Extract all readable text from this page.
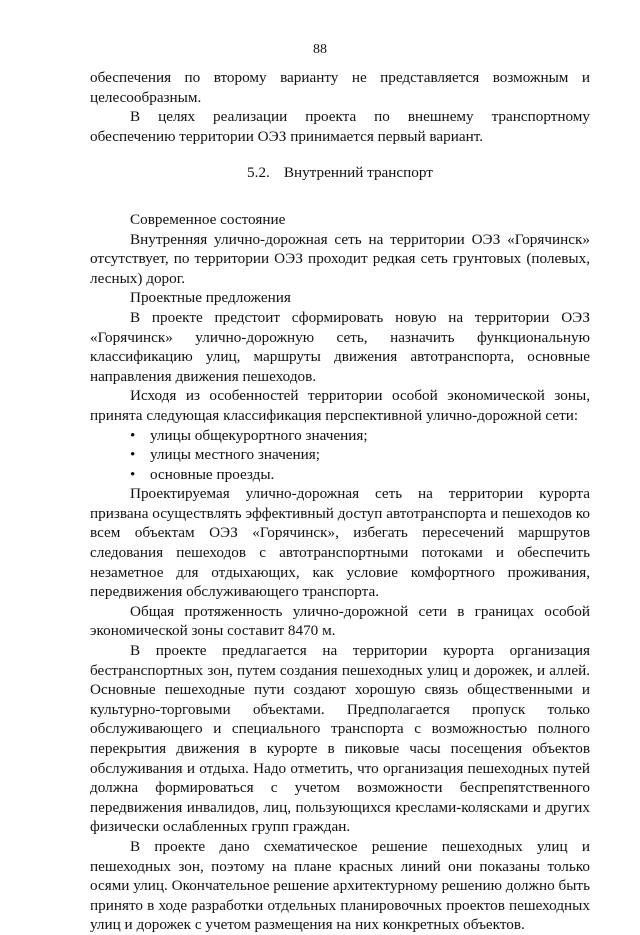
88

обеспечения по второму варианту не представляется возможным и целесообразным.

В целях реализации проекта по внешнему транспортному обеспечению территории ОЭЗ принимается первый вариант.

5.2. Внутренний транспорт

Современное состояние

Внутренняя улично-дорожная сеть на территории ОЭЗ «Горячинск» отсутствует, по территории ОЭЗ проходит редкая сеть грунтовых (полевых, лесных) дорог.

Проектные предложения

В проекте предстоит сформировать новую на территории ОЭЗ «Горячинск» улично-дорожную сеть, назначить функциональную классификацию улиц, маршруты движения автотранспорта, основные направления движения пешеходов.

Исходя из особенностей территории особой экономической зоны, принята следующая классификация перспективной улично-дорожной сети:

• улицы общекурортного значения;
• улицы местного значения;
• основные проезды.

Проектируемая улично-дорожная сеть на территории курорта призвана осуществлять эффективный доступ автотранспорта и пешеходов ко всем объектам ОЭЗ «Горячинск», избегать пересечений маршрутов следования пешеходов с автотранспортными потоками и обеспечить незаметное для отдыхающих, как условие комфортного проживания, передвижения обслуживающего транспорта.

Общая протяженность улично-дорожной сети в границах особой экономической зоны составит 8470 м.

В проекте предлагается на территории курорта организация бестранспортных зон, путем создания пешеходных улиц и дорожек, и аллей. Основные пешеходные пути создают хорошую связь общественными и культурно-торговыми объектами. Предполагается пропуск только обслуживающего и специального транспорта с возможностью полного перекрытия движения в курорте в пиковые часы посещения объектов обслуживания и отдыха. Надо отметить, что организация пешеходных путей должна формироваться с учетом возможности беспрепятственного передвижения инвалидов, лиц, пользующихся креслами-колясками и других физически ослабленных групп граждан.

В проекте дано схематическое решение пешеходных улиц и пешеходных зон, поэтому на плане красных линий они показаны только осями улиц. Окончательное решение архитектурному решению должно быть принято в ходе разработки отдельных планировочных проектов пешеходных улиц и дорожек с учетом размещения на них конкретных объектов.
